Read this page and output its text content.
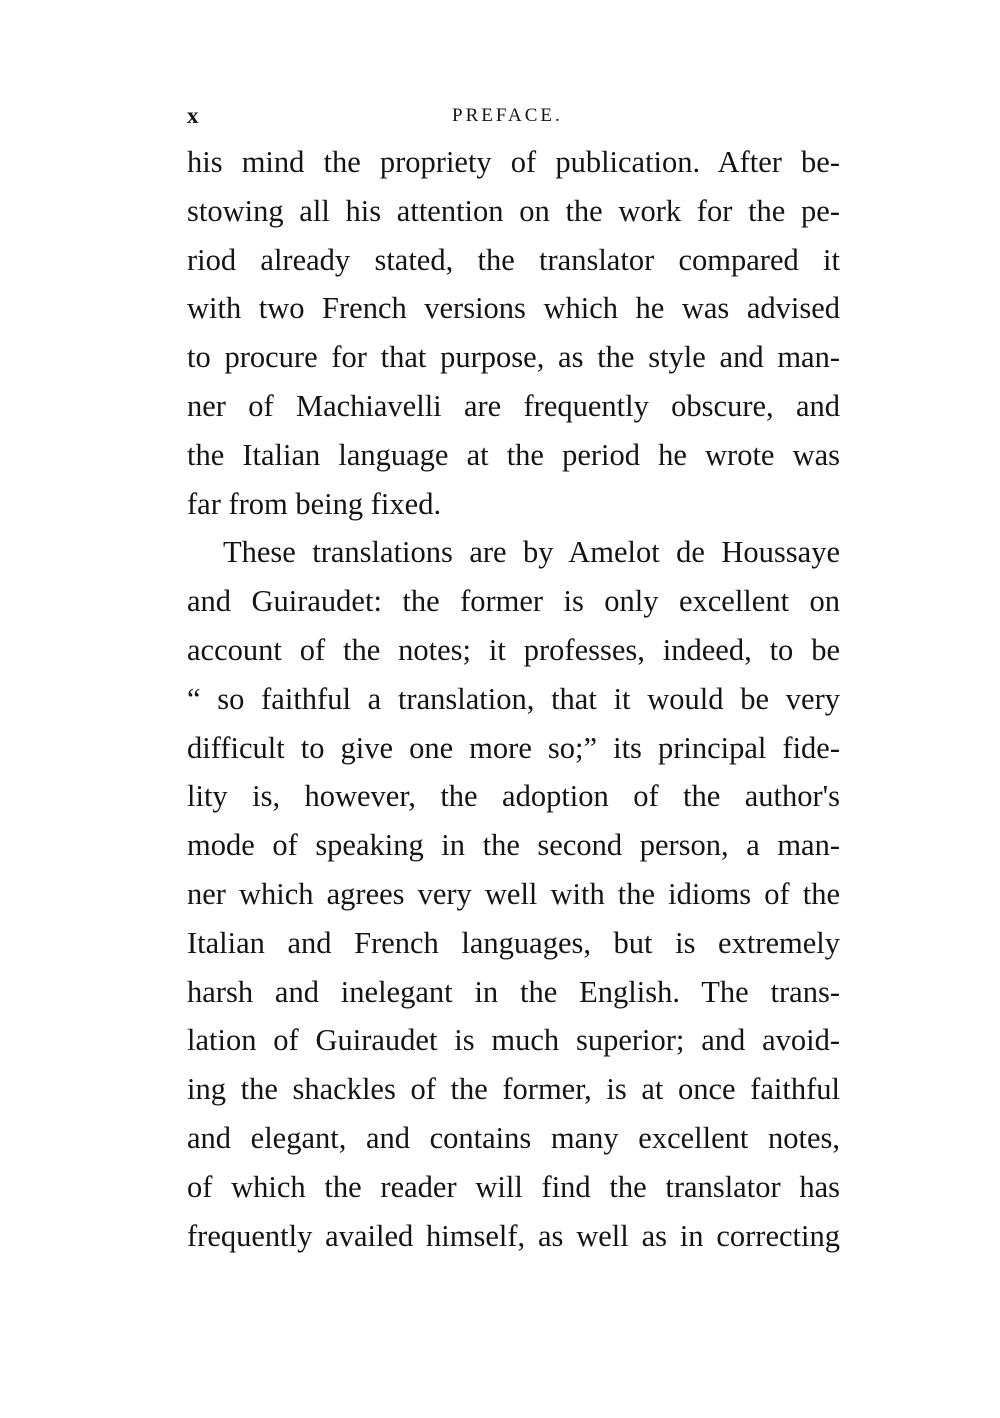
x	PREFACE.

his mind the propriety of publication. After be-
stowing all his attention on the work for the pe-
riod already stated, the translator compared it
with two French versions which he was advised
to procure for that purpose, as the style and man-
ner of Machiavelli are frequently obscure, and
the Italian language at the period he wrote was
far from being fixed.

These translations are by Amelot de Houssaye
and Guiraudet: the former is only excellent on
account of the notes; it professes, indeed, to be
“ so faithful a translation, that it would be very
difficult to give one more so;” its principal fide-
lity is, however, the adoption of the author's
mode of speaking in the second person, a man-
ner which agrees very well with the idioms of the
Italian and French languages, but is extremely
harsh and inelegant in the English. The trans-
lation of Guiraudet is much superior; and avoid-
ing the shackles of the former, is at once faithful
and elegant, and contains many excellent notes,
of which the reader will find the translator has
frequently availed himself, as well as in correcting
